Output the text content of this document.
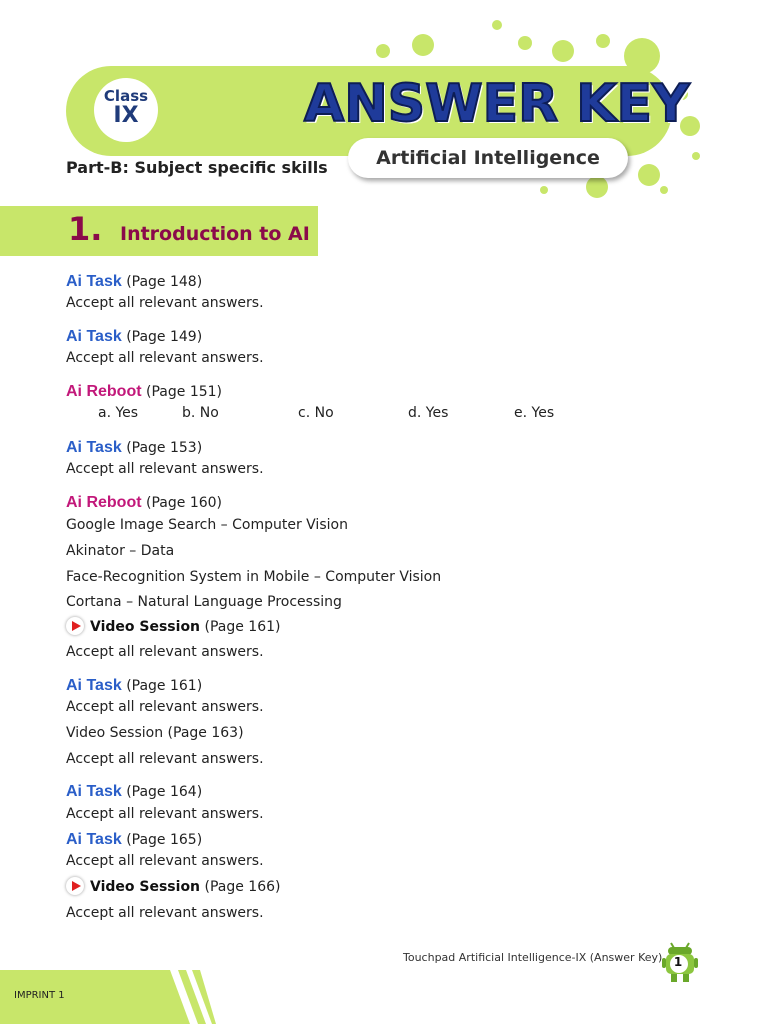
Class
IX	ANSWER KEY
Artificial Intelligence
Part-B: Subject specific skills
1. Introduction to AI
Ai Task (Page 148)
Accept all relevant answers.
Ai Task (Page 149)
Accept all relevant answers.
Ai Reboot (Page 151)
a. Yes	b. No	c. No	d. Yes	e. Yes
Ai Task (Page 153)
Accept all relevant answers.
Ai Reboot (Page 160)
Google Image Search – Computer Vision
Akinator – Data
Face-Recognition System in Mobile – Computer Vision
Cortana – Natural Language Processing
Video Session (Page 161)
Accept all relevant answers.
Ai Task (Page 161)
Accept all relevant answers.
Video Session (Page 163)
Accept all relevant answers.
Ai Task (Page 164)
Accept all relevant answers.
Ai Task (Page 165)
Accept all relevant answers.
Video Session (Page 166)
Accept all relevant answers.
Touchpad Artificial Intelligence-IX (Answer Key) 1
IMPRINT 1
